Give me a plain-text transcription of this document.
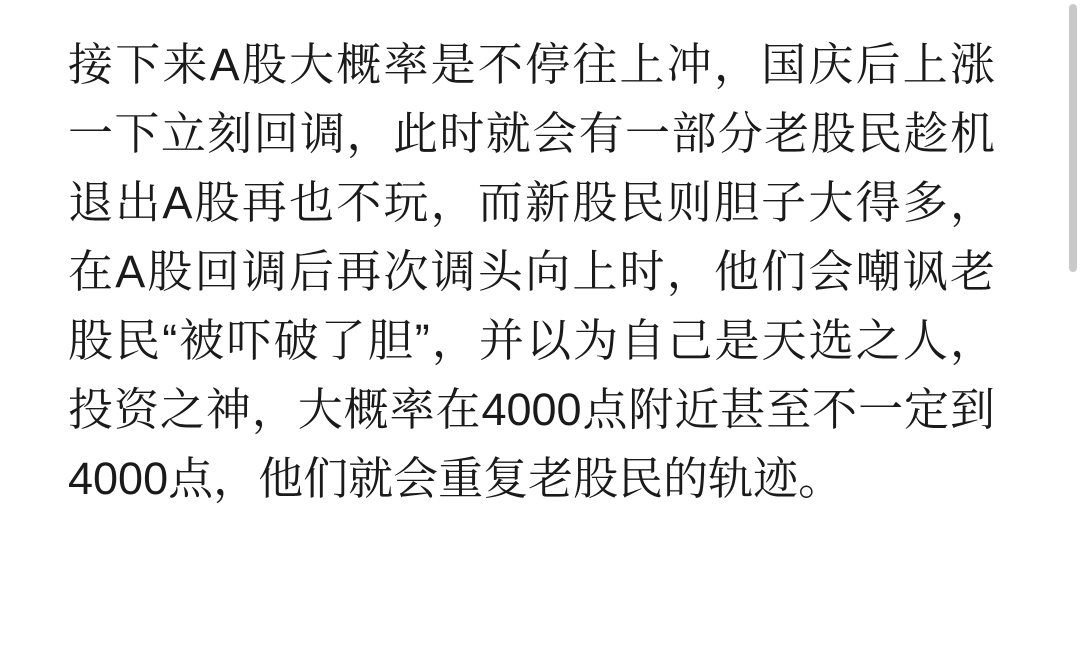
接下来A股大概率是不停往上冲，国庆后上涨一下立刻回调，此时就会有一部分老股民趁机退出A股再也不玩，而新股民则胆子大得多，在A股回调后再次调头向上时，他们会嘲讽老股民“被吓破了胆”，并以为自己是天选之人，投资之神，大概率在4000点附近甚至不一定到4000点，他们就会重复老股民的轨迹。
